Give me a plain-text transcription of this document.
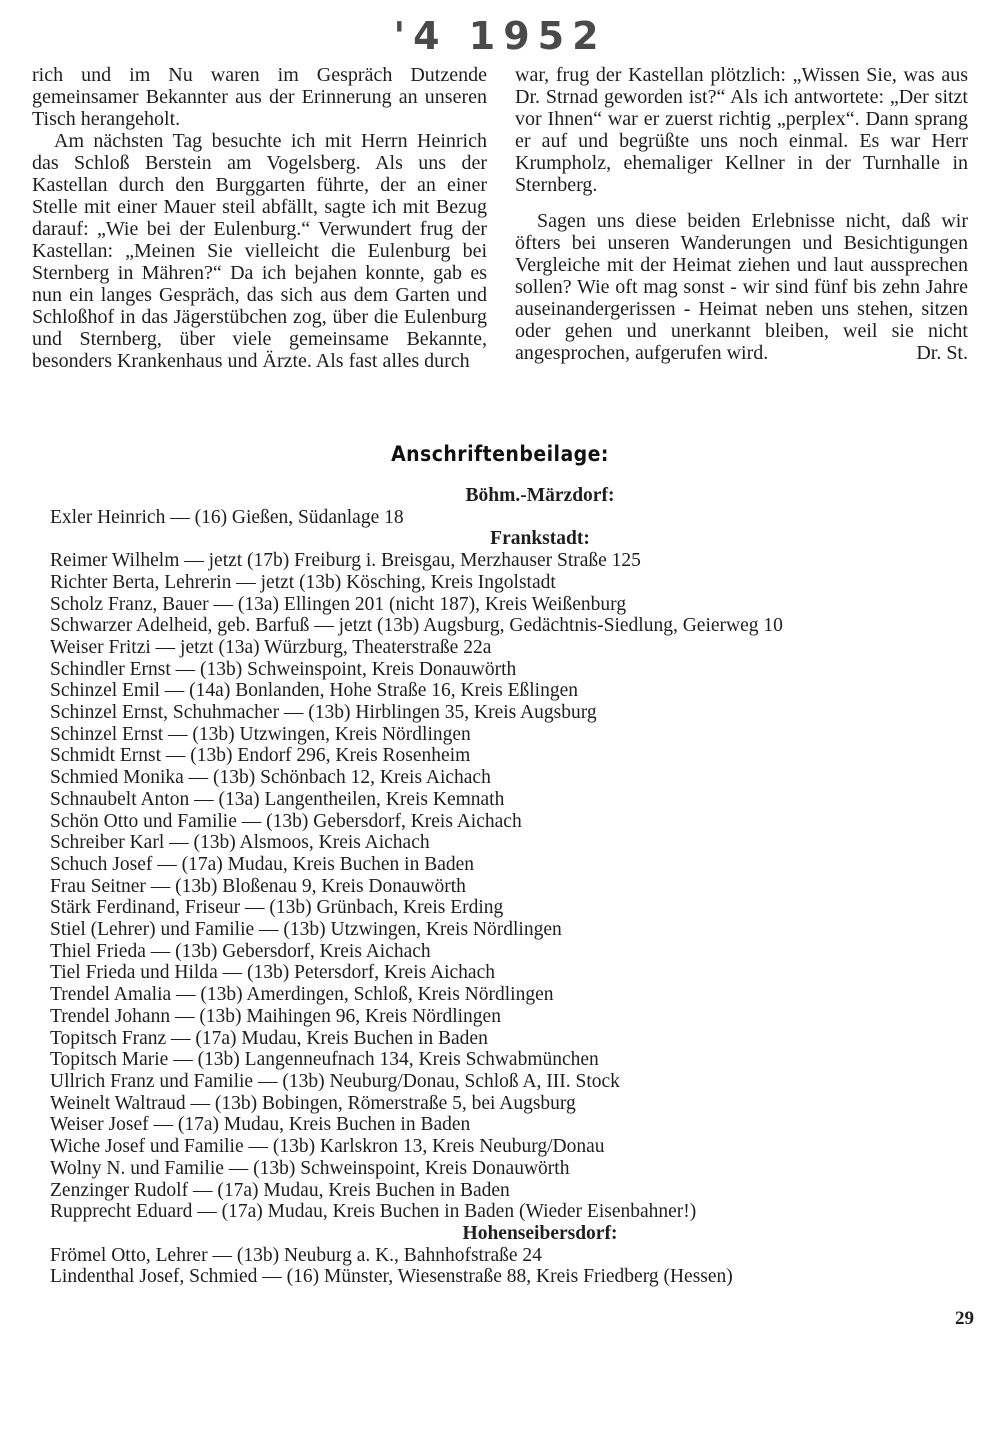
'4 1952

rich und im Nu waren im Gespräch Dutzende gemeinsamer Bekannter aus der Erinnerung an unseren Tisch herangeholt.

Am nächsten Tag besuchte ich mit Herrn Heinrich das Schloß Berstein am Vogelsberg. Als uns der Kastellan durch den Burggarten führte, der an einer Stelle mit einer Mauer steil abfällt, sagte ich mit Bezug darauf: „Wie bei der Eulenburg.“ Verwundert frug der Kastellan: „Meinen Sie vielleicht die Eulenburg bei Sternberg in Mähren?“ Da ich bejahen konnte, gab es nun ein langes Gespräch, das sich aus dem Garten und Schloßhof in das Jägerstübchen zog, über die Eulenburg und Sternberg, über viele gemeinsame Bekannte, besonders Krankenhaus und Ärzte. Als fast alles durch

war, frug der Kastellan plötzlich: „Wissen Sie, was aus Dr. Strnad geworden ist?“ Als ich antwortete: „Der sitzt vor Ihnen“ war er zuerst richtig „perplex“. Dann sprang er auf und begrüßte uns noch einmal. Es war Herr Krumpholz, ehemaliger Kellner in der Turnhalle in Sternberg.

Sagen uns diese beiden Erlebnisse nicht, daß wir öfters bei unseren Wanderungen und Besichtigungen Vergleiche mit der Heimat ziehen und laut aussprechen sollen? Wie oft mag sonst - wir sind fünf bis zehn Jahre auseinandergerissen - Heimat neben uns stehen, sitzen oder gehen und unerkannt bleiben, weil sie nicht angesprochen, aufgerufen wird.	Dr. St.

Anschriftenbeilage:
Böhm.-Märzdorf:
Exler Heinrich — (16) Gießen, Südanlage 18
Frankstadt:
Reimer Wilhelm — jetzt (17b) Freiburg i. Breisgau, Merzhauser Straße 125
Richter Berta, Lehrerin — jetzt (13b) Kösching, Kreis Ingolstadt
Scholz Franz, Bauer — (13a) Ellingen 201 (nicht 187), Kreis Weißenburg
Schwarzer Adelheid, geb. Barfuß — jetzt (13b) Augsburg, Gedächtnis-Siedlung, Geierweg 10
Weiser Fritzi — jetzt (13a) Würzburg, Theaterstraße 22a
Schindler Ernst — (13b) Schweinspoint, Kreis Donauwörth
Schinzel Emil — (14a) Bonlanden, Hohe Straße 16, Kreis Eßlingen
Schinzel Ernst, Schuhmacher — (13b) Hirblingen 35, Kreis Augsburg
Schinzel Ernst — (13b) Utzwingen, Kreis Nördlingen
Schmidt Ernst — (13b) Endorf 296, Kreis Rosenheim
Schmied Monika — (13b) Schönbach 12, Kreis Aichach
Schnaubelt Anton — (13a) Langentheilen, Kreis Kemnath
Schön Otto und Familie — (13b) Gebersdorf, Kreis Aichach
Schreiber Karl — (13b) Alsmoos, Kreis Aichach
Schuch Josef — (17a) Mudau, Kreis Buchen in Baden
Frau Seitner — (13b) Bloßenau 9, Kreis Donauwörth
Stärk Ferdinand, Friseur — (13b) Grünbach, Kreis Erding
Stiel (Lehrer) und Familie — (13b) Utzwingen, Kreis Nördlingen
Thiel Frieda — (13b) Gebersdorf, Kreis Aichach
Tiel Frieda und Hilda — (13b) Petersdorf, Kreis Aichach
Trendel Amalia — (13b) Amerdingen, Schloß, Kreis Nördlingen
Trendel Johann — (13b) Maihingen 96, Kreis Nördlingen
Topitsch Franz — (17a) Mudau, Kreis Buchen in Baden
Topitsch Marie — (13b) Langenneufnach 134, Kreis Schwabmünchen
Ullrich Franz und Familie — (13b) Neuburg/Donau, Schloß A, III. Stock
Weinelt Waltraud — (13b) Bobingen, Römerstraße 5, bei Augsburg
Weiser Josef — (17a) Mudau, Kreis Buchen in Baden
Wiche Josef und Familie — (13b) Karlskron 13, Kreis Neuburg/Donau
Wolny N. und Familie — (13b) Schweinspoint, Kreis Donauwörth
Zenzinger Rudolf — (17a) Mudau, Kreis Buchen in Baden
Rupprecht Eduard — (17a) Mudau, Kreis Buchen in Baden (Wieder Eisenbahner!)
Hohenseibersdorf:
Frömel Otto, Lehrer — (13b) Neuburg a. K., Bahnhofstraße 24
Lindenthal Josef, Schmied — (16) Münster, Wiesenstraße 88, Kreis Friedberg (Hessen)
29
